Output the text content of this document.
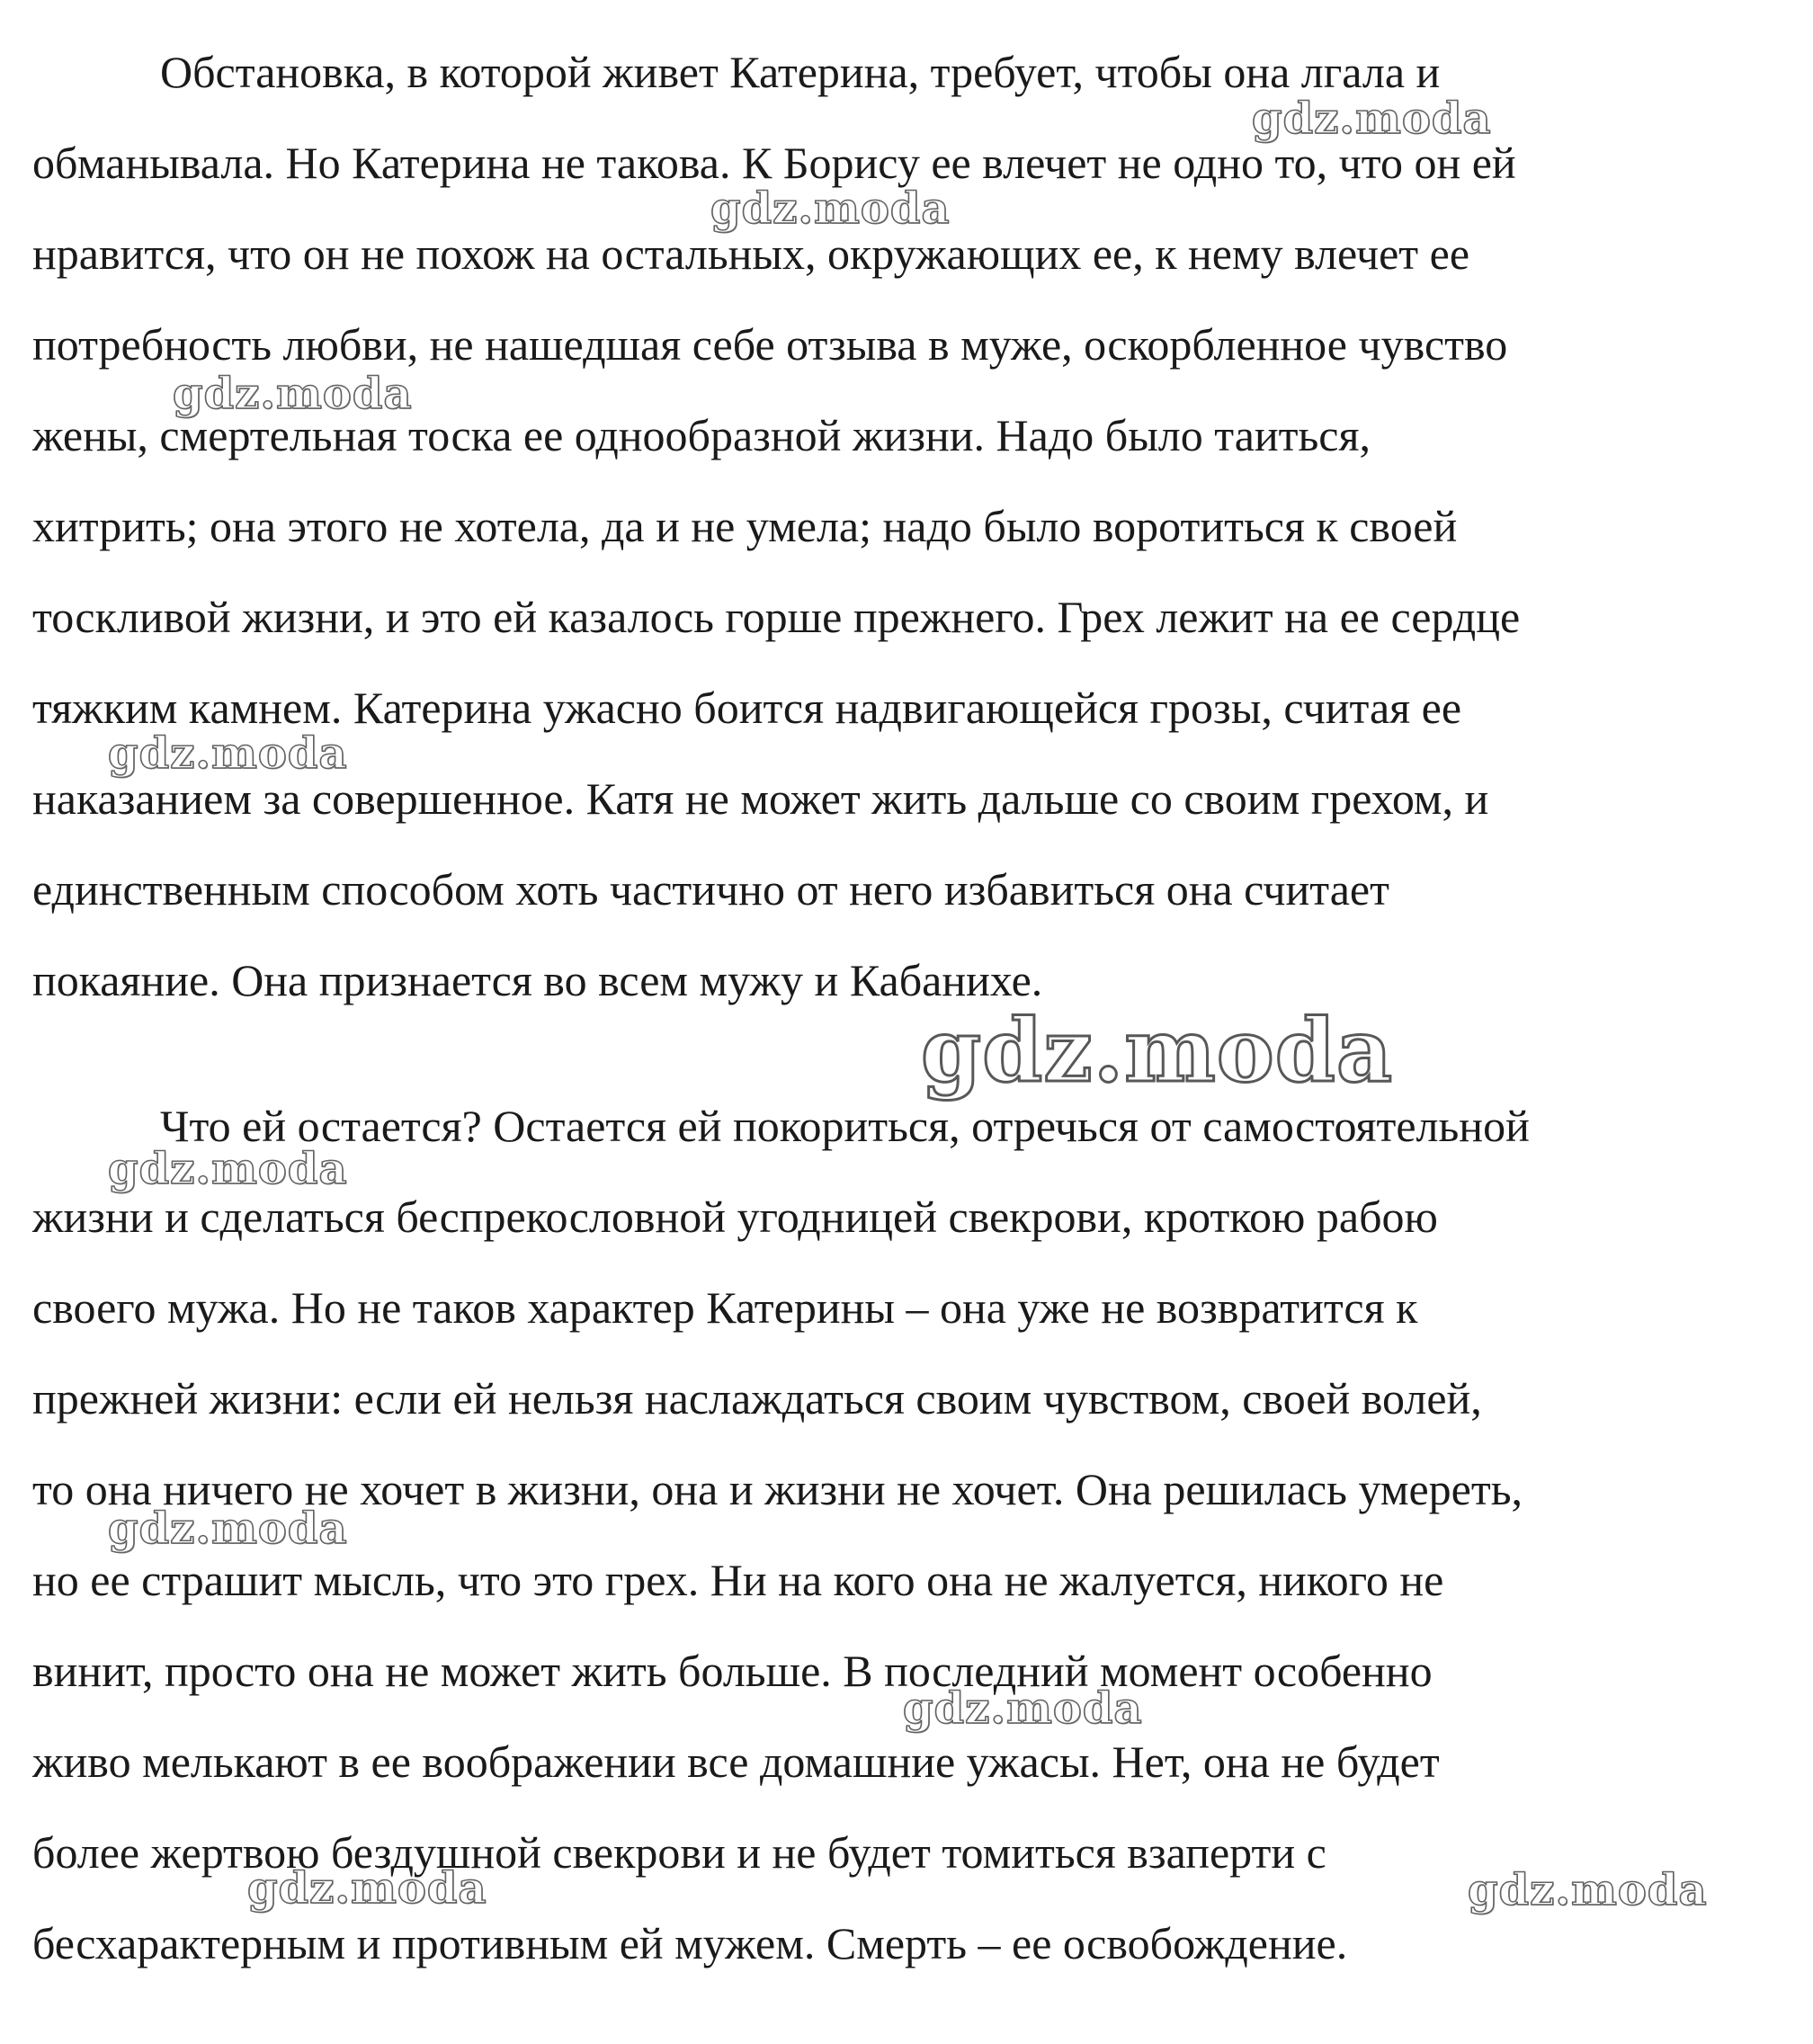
Обстановка, в которой живет Катерина, требует, чтобы она лгала и
обманывала. Но Катерина не такова. К Борису ее влечет не одно то, что он ей
нравится, что он не похож на остальных, окружающих ее, к нему влечет ее
потребность любви, не нашедшая себе отзыва в муже, оскорбленное чувство
жены, смертельная тоска ее однообразной жизни. Надо было таиться,
хитрить; она этого не хотела, да и не умела; надо было воротиться к своей
тоскливой жизни, и это ей казалось горше прежнего. Грех лежит на ее сердце
тяжким камнем. Катерина ужасно боится надвигающейся грозы, считая ее
наказанием за совершенное. Катя не может жить дальше со своим грехом, и
единственным способом хоть частично от него избавиться она считает
покаяние. Она признается во всем мужу и Кабанихе.
Что ей остается? Остается ей покориться, отречься от самостоятельной
жизни и сделаться беспрекословной угодницей свекрови, кроткою рабою
своего мужа. Но не таков характер Катерины – она уже не возвратится к
прежней жизни: если ей нельзя наслаждаться своим чувством, своей волей,
то она ничего не хочет в жизни, она и жизни не хочет. Она решилась умереть,
но ее страшит мысль, что это грех. Ни на кого она не жалуется, никого не
винит, просто она не может жить больше. В последний момент особенно
живо мелькают в ее воображении все домашние ужасы. Нет, она не будет
более жертвою бездушной свекрови и не будет томиться взаперти с
бесхарактерным и противным ей мужем. Смерть – ее освобождение.
gdz.moda
gdz.moda
gdz.moda
gdz.moda
gdz.moda
gdz.moda
gdz.moda
gdz.moda
gdz.moda	gdz.moda
